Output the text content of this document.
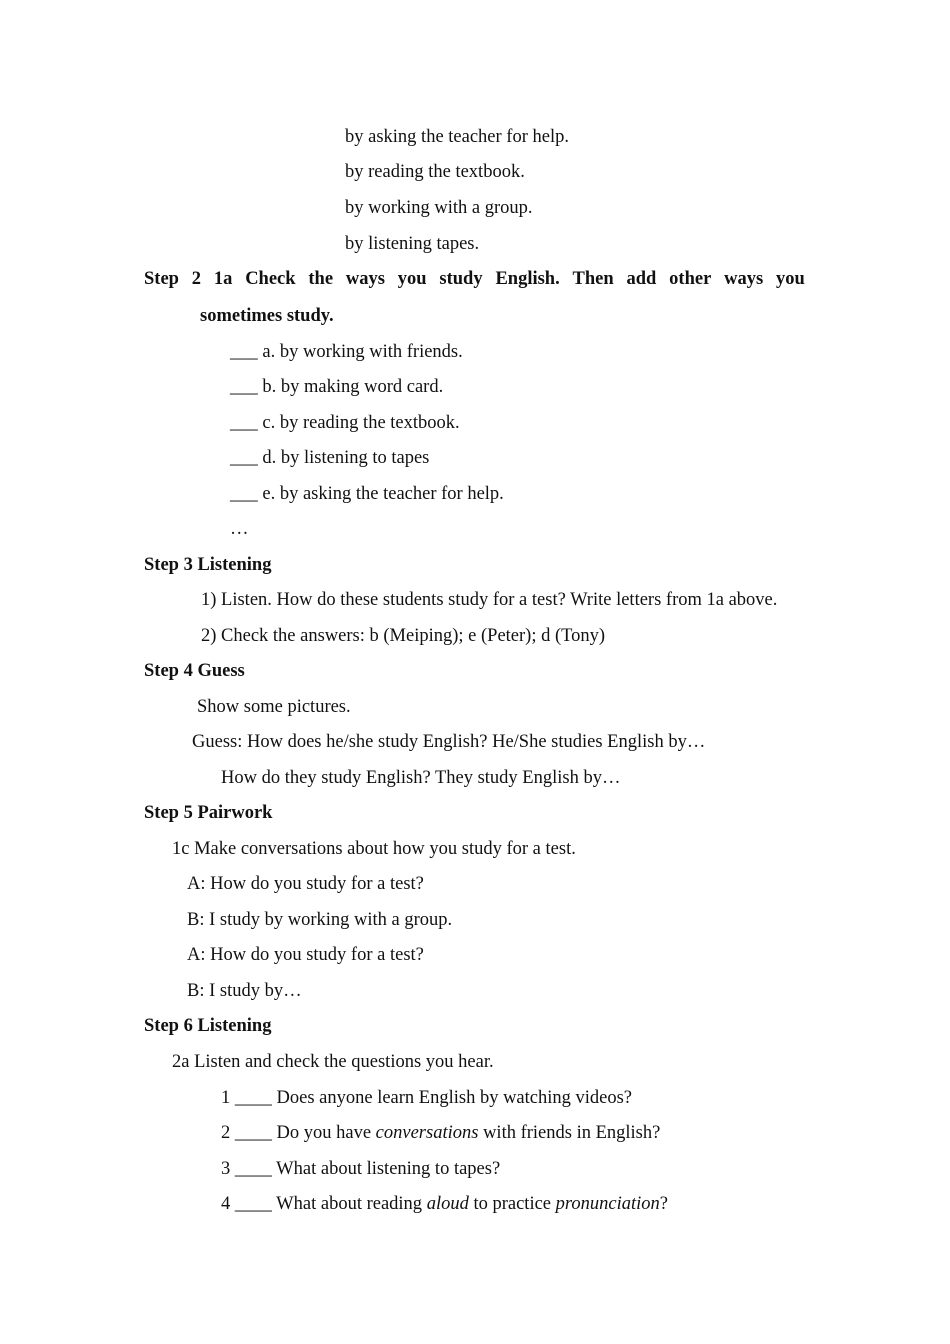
by asking the teacher for help.
by reading the textbook.
by working with a group.
by listening tapes.
Step 2 1a Check the ways you study English. Then add other ways you
sometimes study.
___ a. by working with friends.
___ b. by making word card.
___ c. by reading the textbook.
___ d. by listening to tapes
___ e. by asking the teacher for help.
…
Step 3 Listening
1) Listen. How do these students study for a test? Write letters from 1a above.
2) Check the answers: b (Meiping); e (Peter); d (Tony)
Step 4 Guess
Show some pictures.
Guess: How does he/she study English? He/She studies English by…
How do they study English? They study English by…
Step 5 Pairwork
1c Make conversations about how you study for a test.
A: How do you study for a test?
B: I study by working with a group.
A: How do you study for a test?
B: I study by…
Step 6 Listening
2a Listen and check the questions you hear.
1 ____ Does anyone learn English by watching videos?
2 ____ Do you have conversations with friends in English?
3 ____ What about listening to tapes?
4 ____ What about reading aloud to practice pronunciation?
